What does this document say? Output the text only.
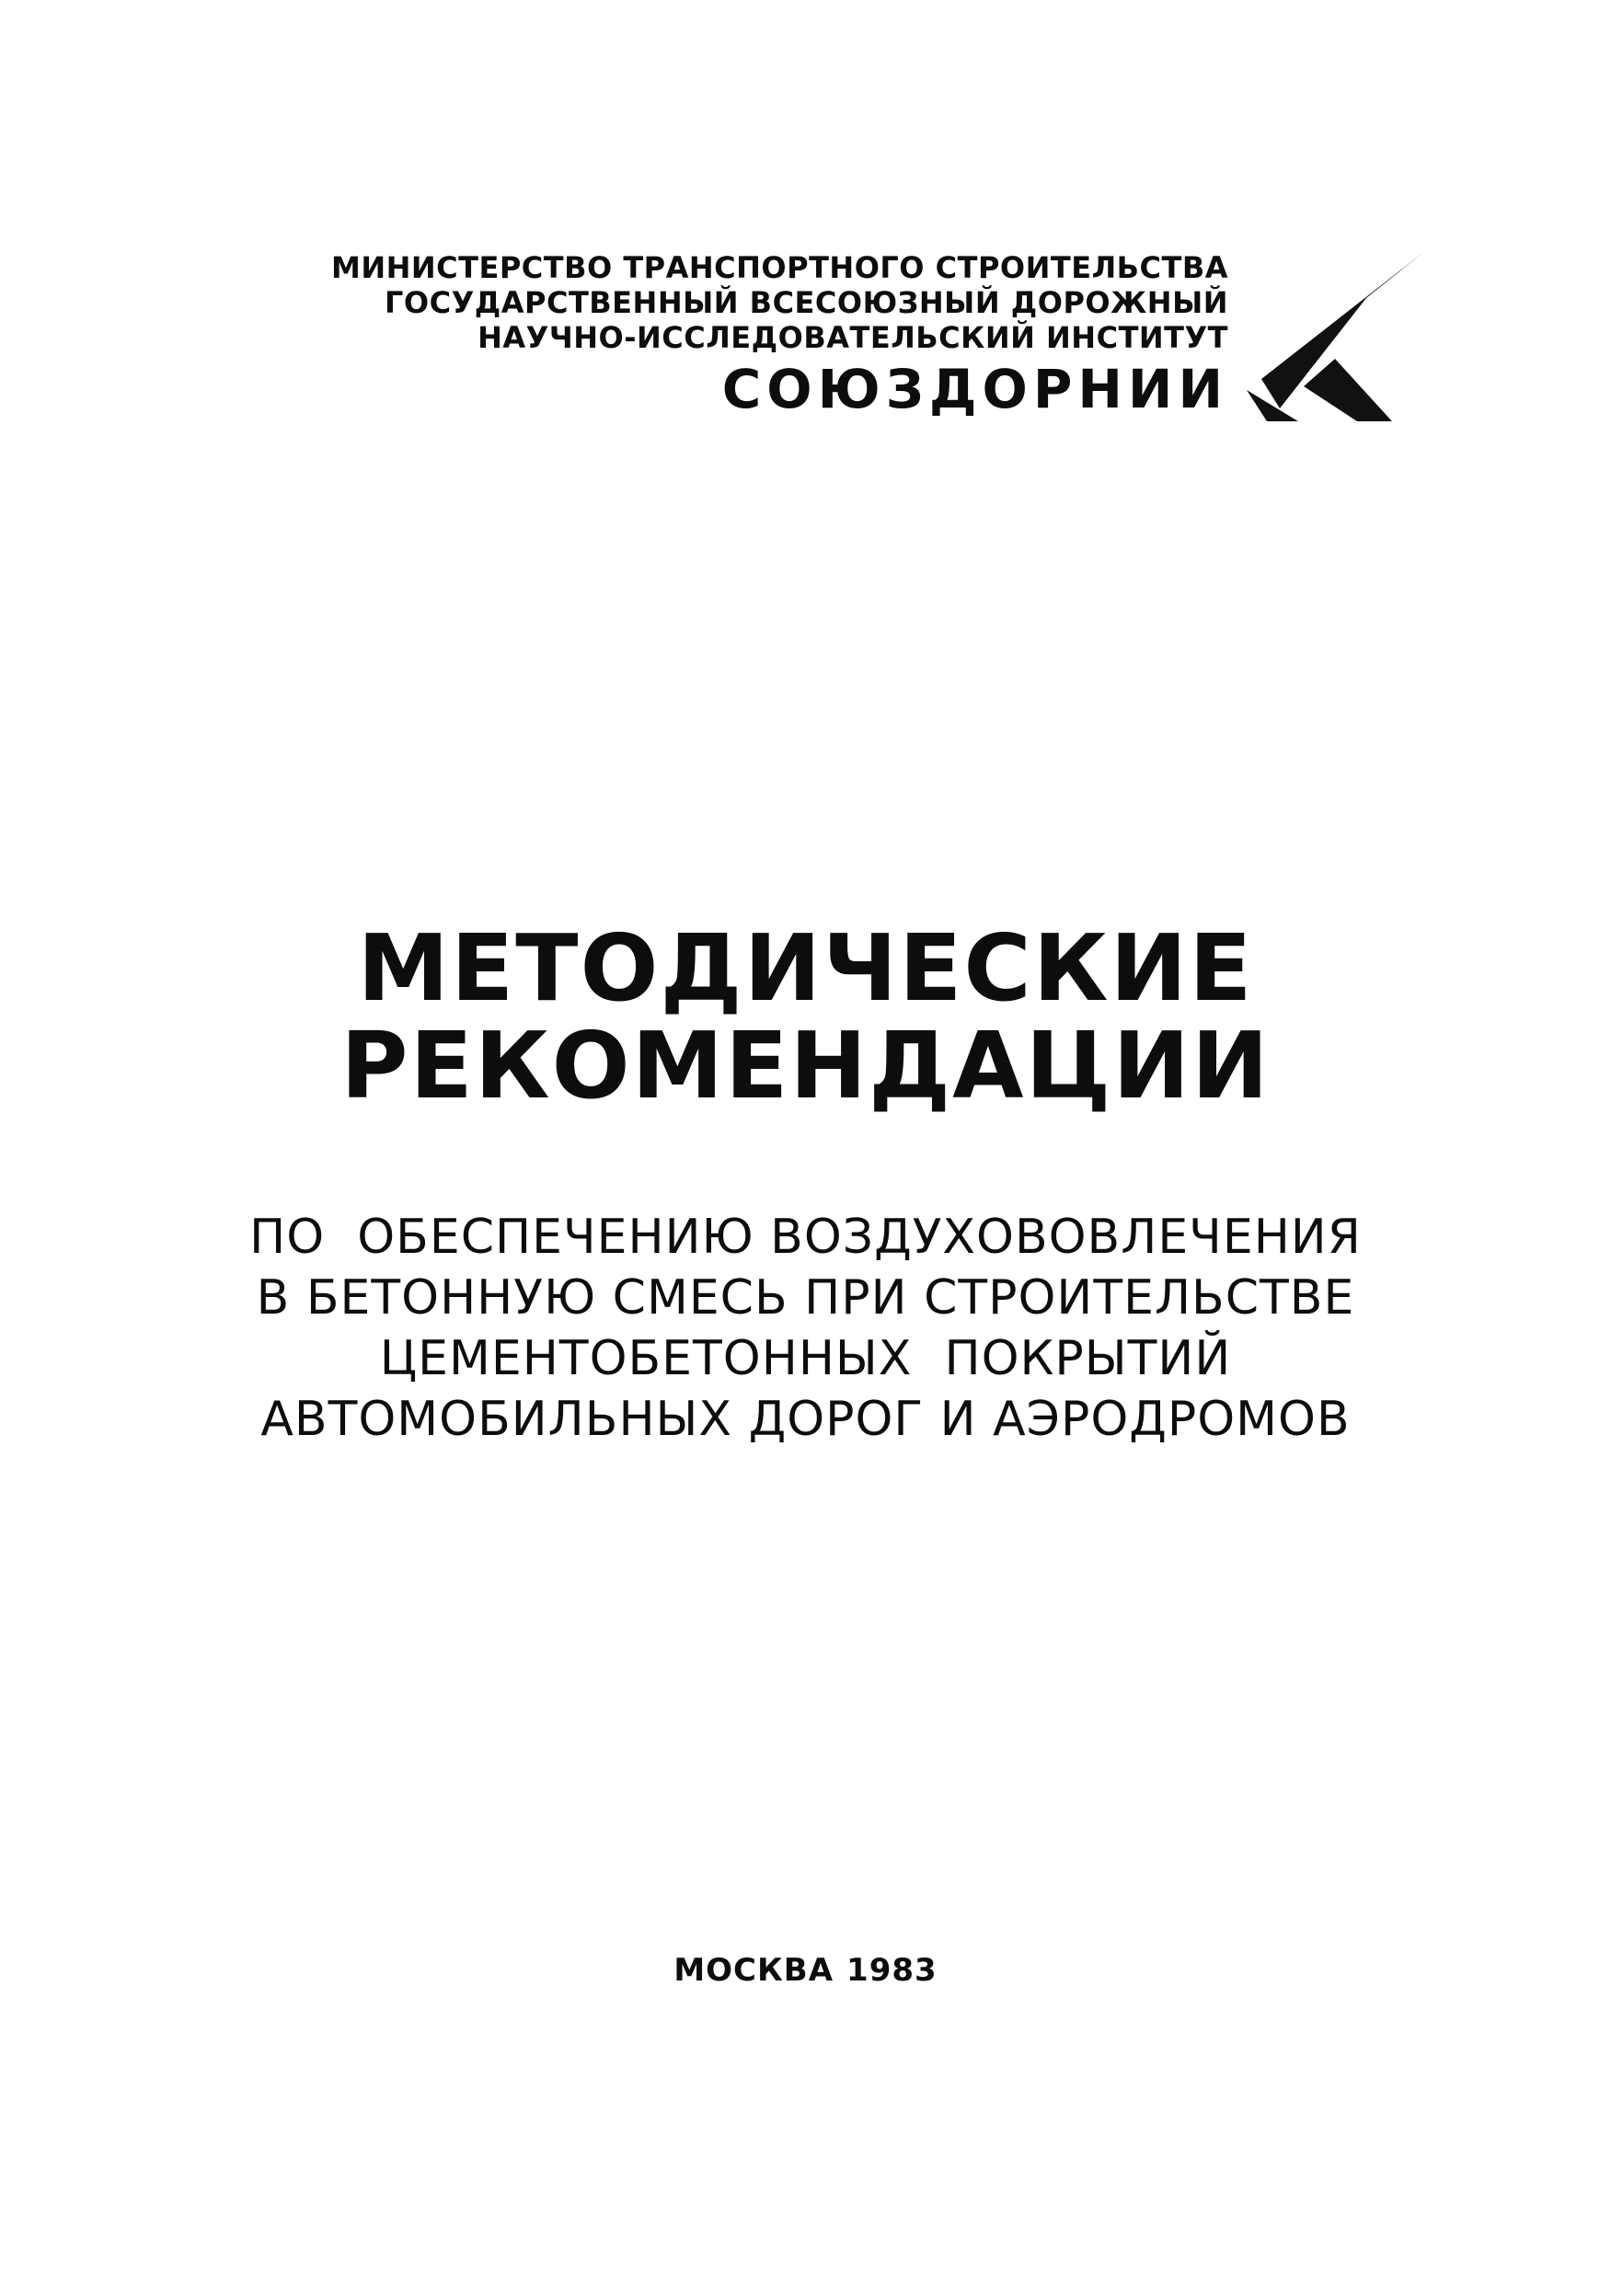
МИНИСТЕРСТВО ТРАНСПОРТНОГО СТРОИТЕЛЬСТВА
ГОСУДАРСТВЕННЫЙ ВСЕСОЮЗНЫЙ ДОРОЖНЫЙ
НАУЧНО-ИССЛЕДОВАТЕЛЬСКИЙ ИНСТИТУТ
СОЮЗДОРНИИ
МЕТОДИЧЕСКИЕ
РЕКОМЕНДАЦИИ
ПО  ОБЕСПЕЧЕНИЮ ВОЗДУХОВОВЛЕЧЕНИЯ
В БЕТОННУЮ СМЕСЬ ПРИ СТРОИТЕЛЬСТВЕ
ЦЕМЕНТОБЕТОННЫХ  ПОКРЫТИЙ
АВТОМОБИЛЬНЫХ ДОРОГ И АЭРОДРОМОВ
МОСКВА 1983
